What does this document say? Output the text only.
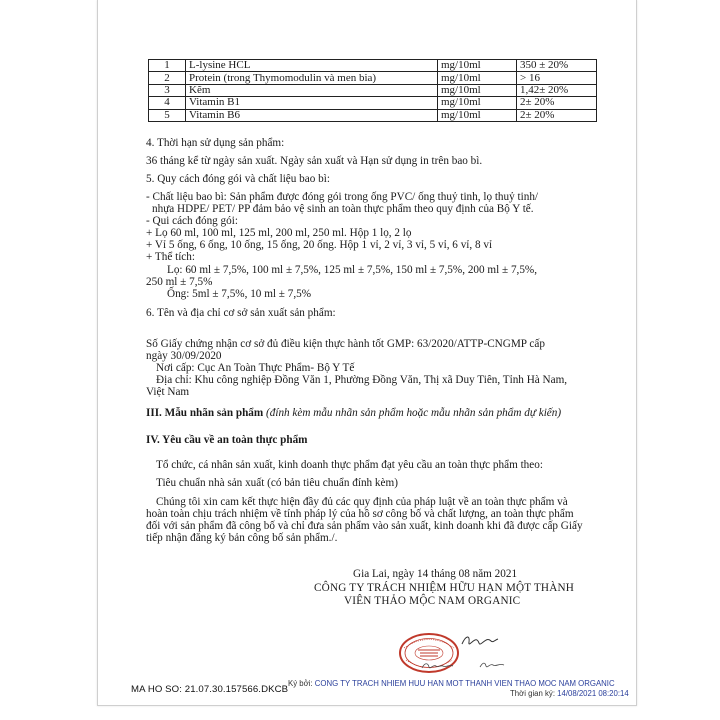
1	L-lysine HCL	mg/10ml	350 ± 20%
2	Protein (trong Thymomodulin và men bia)	mg/10ml	> 16
3	Kẽm	mg/10ml	1,42± 20%
4	Vitamin B1	mg/10ml	2± 20%
5	Vitamin B6	mg/10ml	2± 20%
4. Thời hạn sử dụng sản phẩm:
36 tháng kể từ ngày sản xuất. Ngày sản xuất và Hạn sử dụng in trên bao bì.
5. Quy cách đóng gói và chất liệu bao bì:
- Chất liệu bao bì: Sản phẩm được đóng gói trong ống PVC/ ống thuỷ tinh, lọ thuỷ tinh/
nhựa HDPE/ PET/ PP đảm bảo vệ sinh an toàn thực phẩm theo quy định của Bộ Y tế.
- Qui cách đóng gói:
+ Lọ 60 ml, 100 ml, 125 ml, 200 ml, 250 ml. Hộp 1 lọ, 2 lọ
+ Vỉ 5 ống, 6 ống, 10 ống, 15 ống, 20 ống. Hộp 1 vỉ, 2 vỉ, 3 vỉ, 5 vỉ, 6 vỉ, 8 vỉ
+ Thể tích:
Lọ: 60 ml ± 7,5%, 100 ml ± 7,5%, 125 ml ± 7,5%, 150 ml ± 7,5%, 200 ml ± 7,5%,
250 ml ± 7,5%
Ống: 5ml ± 7,5%, 10 ml ± 7,5%
6. Tên và địa chỉ cơ sở sản xuất sản phẩm:
Số Giấy chứng nhận cơ sở đủ điều kiện thực hành tốt GMP: 63/2020/ATTP-CNGMP cấp
ngày 30/09/2020
Nơi cấp: Cục An Toàn Thực Phẩm- Bộ Y Tế
Địa chỉ: Khu công nghiệp Đồng Văn 1, Phường Đồng Văn, Thị xã Duy Tiên, Tỉnh Hà Nam,
Việt Nam
III. Mẫu nhãn sản phẩm (đính kèm mẫu nhãn sản phẩm hoặc mẫu nhãn sản phẩm dự kiến)
IV. Yêu cầu về an toàn thực phẩm
Tổ chức, cá nhân sản xuất, kinh doanh thực phẩm đạt yêu cầu an toàn thực phẩm theo:
Tiêu chuẩn nhà sản xuất (có bản tiêu chuẩn đính kèm)
Chúng tôi xin cam kết thực hiện đầy đủ các quy định của pháp luật về an toàn thực phẩm và
hoàn toàn chịu trách nhiệm về tính pháp lý của hồ sơ công bố và chất lượng, an toàn thực phẩm
đối với sản phẩm đã công bố và chỉ đưa sản phẩm vào sản xuất, kinh doanh khi đã được cấp Giấy
tiếp nhận đăng ký bản công bố sản phẩm./.
Gia Lai, ngày 14 tháng 08 năm 2021
CÔNG TY TRÁCH NHIỆM HỮU HẠN MỘT THÀNH
VIÊN THẢO MỘC NAM ORGANIC
Ký bởi: CONG TY TRACH NHIEM HUU HAN MOT THANH VIEN THAO MOC NAM ORGANIC
Thời gian ký: 14/08/2021 08:20:14
MA HO SO: 21.07.30.157566.DKCB
